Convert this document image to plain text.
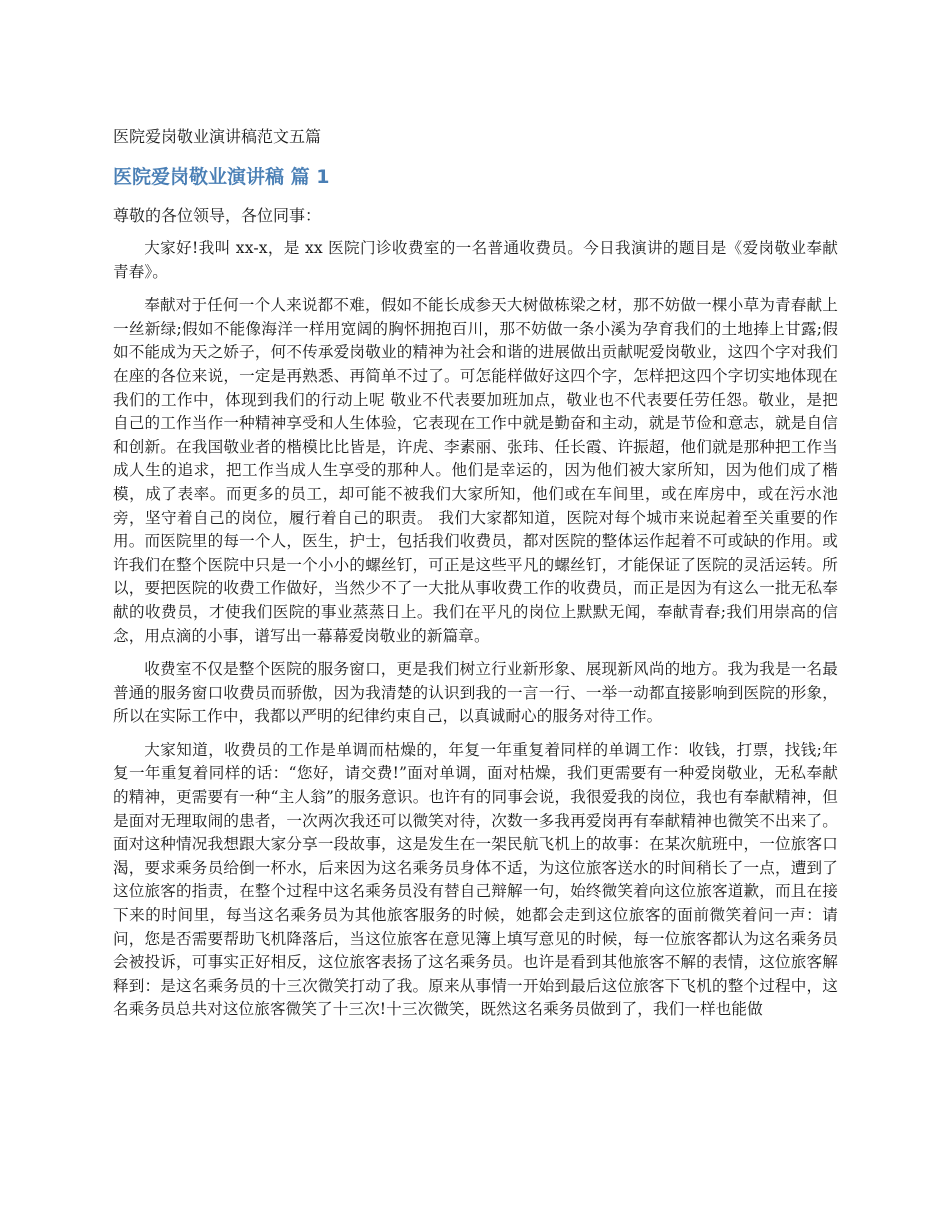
医院爱岗敬业演讲稿范文五篇
医院爱岗敬业演讲稿 篇 1
尊敬的各位领导，各位同事：

大家好!我叫 xx-x，是 xx 医院门诊收费室的一名普通收费员。今日我演讲的题目是《爱岗敬业奉献青春》。

奉献对于任何一个人来说都不难，假如不能长成参天大树做栋梁之材，那不妨做一棵小草为青春献上一丝新绿;假如不能像海洋一样用宽阔的胸怀拥抱百川，那不妨做一条小溪为孕育我们的土地捧上甘露;假如不能成为天之娇子，何不传承爱岗敬业的精神为社会和谐的进展做出贡献呢爱岗敬业，这四个字对我们在座的各位来说，一定是再熟悉、再简单不过了。可怎能样做好这四个字，怎样把这四个字切实地体现在我们的工作中，体现到我们的行动上呢 敬业不代表要加班加点，敬业也不代表要任劳任怨。敬业，是把自己的工作当作一种精神享受和人生体验，它表现在工作中就是勤奋和主动，就是节俭和意志，就是自信和创新。在我国敬业者的楷模比比皆是，许虎、李素丽、张玮、任长霞、许振超，他们就是那种把工作当成人生的追求，把工作当成人生享受的那种人。他们是幸运的，因为他们被大家所知，因为他们成了楷模，成了表率。而更多的员工，却可能不被我们大家所知，他们或在车间里，或在库房中，或在污水池旁，坚守着自己的岗位，履行着自己的职责。 我们大家都知道，医院对每个城市来说起着至关重要的作用。而医院里的每一个人，医生，护士，包括我们收费员，都对医院的整体运作起着不可或缺的作用。或许我们在整个医院中只是一个小小的螺丝钉，可正是这些平凡的螺丝钉，才能保证了医院的灵活运转。所以，要把医院的收费工作做好，当然少不了一大批从事收费工作的收费员，而正是因为有这么一批无私奉献的收费员，才使我们医院的事业蒸蒸日上。我们在平凡的岗位上默默无闻，奉献青春;我们用崇高的信念，用点滴的小事，谱写出一幕幕爱岗敬业的新篇章。

收费室不仅是整个医院的服务窗口，更是我们树立行业新形象、展现新风尚的地方。我为我是一名最普通的服务窗口收费员而骄傲，因为我清楚的认识到我的一言一行、一举一动都直接影响到医院的形象，所以在实际工作中，我都以严明的纪律约束自己，以真诚耐心的服务对待工作。

大家知道，收费员的工作是单调而枯燥的，年复一年重复着同样的单调工作：收钱，打票，找钱;年复一年重复着同样的话：“您好，请交费!”面对单调，面对枯燥，我们更需要有一种爱岗敬业，无私奉献的精神，更需要有一种“主人翁”的服务意识。也许有的同事会说，我很爱我的岗位，我也有奉献精神，但是面对无理取闹的患者，一次两次我还可以微笑对待，次数一多我再爱岗再有奉献精神也微笑不出来了。面对这种情况我想跟大家分享一段故事，这是发生在一架民航飞机上的故事：在某次航班中，一位旅客口渴，要求乘务员给倒一杯水，后来因为这名乘务员身体不适，为这位旅客送水的时间稍长了一点，遭到了这位旅客的指责，在整个过程中这名乘务员没有替自己辩解一句，始终微笑着向这位旅客道歉，而且在接下来的时间里，每当这名乘务员为其他旅客服务的时候，她都会走到这位旅客的面前微笑着问一声：请问，您是否需要帮助飞机降落后，当这位旅客在意见簿上填写意见的时候，每一位旅客都认为这名乘务员会被投诉，可事实正好相反，这位旅客表扬了这名乘务员。也许是看到其他旅客不解的表情，这位旅客解释到：是这名乘务员的十三次微笑打动了我。原来从事情一开始到最后这位旅客下飞机的整个过程中，这名乘务员总共对这位旅客微笑了十三次!十三次微笑，既然这名乘务员做到了，我们一样也能做
